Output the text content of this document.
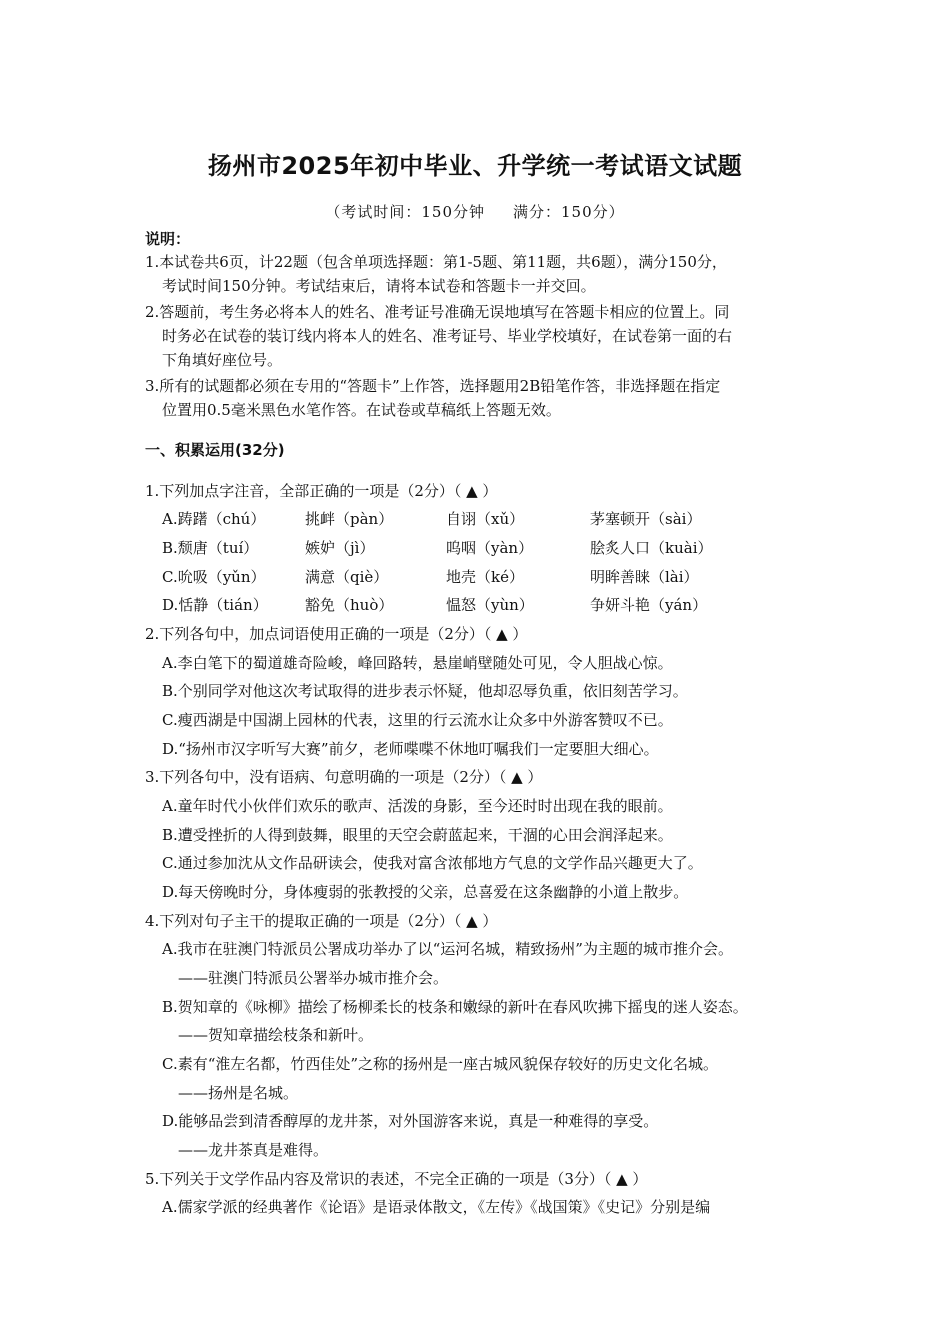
扬州市2025年初中毕业、升学统一考试语文试题
（考试时间：150分钟 满分：150分）
说明：
1.本试卷共6页，计22题（包含单项选择题：第1-5题、第11题，共6题），满分150分，
考试时间150分钟。考试结束后，请将本试卷和答题卡一并交回。
2.答题前，考生务必将本人的姓名、准考证号准确无误地填写在答题卡相应的位置上。同
时务必在试卷的装订线内将本人的姓名、准考证号、毕业学校填好，在试卷第一面的右
下角填好座位号。
3.所有的试题都必须在专用的“答题卡”上作答，选择题用2B铅笔作答，非选择题在指定
位置用0.5毫米黑色水笔作答。在试卷或草稿纸上答题无效。
一、积累运用(32分)
1.下列加点字注音，全部正确的一项是（2分）（ ▲ ）
A.踌躇（chú）	挑衅（pàn）	自诩（xǔ）	茅塞顿开（sài）
B.颓唐（tuí）	嫉妒（jì）	呜咽（yàn）	脍炙人口（kuài）
C.吮吸（yǔn）	满意（qiè）	地壳（ké）	明眸善睐（lài）
D.恬静（tián） 豁免（huò）	愠怒（yùn）	争妍斗艳（yán）
2.下列各句中，加点词语使用正确的一项是（2分）（ ▲ ）
A.李白笔下的蜀道雄奇险峻，峰回路转，悬崖峭壁随处可见，令人胆战心惊。
B.个别同学对他这次考试取得的进步表示怀疑，他却忍辱负重，依旧刻苦学习。
C.瘦西湖是中国湖上园林的代表，这里的行云流水让众多中外游客赞叹不已。
D.“扬州市汉字听写大赛”前夕，老师喋喋不休地叮嘱我们一定要胆大细心。
3.下列各句中，没有语病、句意明确的一项是（2分）（ ▲ ）
A.童年时代小伙伴们欢乐的歌声、活泼的身影，至今还时时出现在我的眼前。
B.遭受挫折的人得到鼓舞，眼里的天空会蔚蓝起来，干涸的心田会润泽起来。
C.通过参加沈从文作品研读会，使我对富含浓郁地方气息的文学作品兴趣更大了。
D.每天傍晚时分，身体瘦弱的张教授的父亲，总喜爱在这条幽静的小道上散步。
4.下列对句子主干的提取正确的一项是（2分）（ ▲ ）
A.我市在驻澳门特派员公署成功举办了以“运河名城，精致扬州”为主题的城市推介会。
——驻澳门特派员公署举办城市推介会。
B.贺知章的《咏柳》描绘了杨柳柔长的枝条和嫩绿的新叶在春风吹拂下摇曳的迷人姿态。
——贺知章描绘枝条和新叶。
C.素有“淮左名都，竹西佳处”之称的扬州是一座古城风貌保存较好的历史文化名城。
——扬州是名城。
D.能够品尝到清香醇厚的龙井茶，对外国游客来说，真是一种难得的享受。
——龙井茶真是难得。
5.下列关于文学作品内容及常识的表述，不完全正确的一项是（3分）（ ▲ ）
A.儒家学派的经典著作《论语》是语录体散文，《左传》《战国策》《史记》分别是编
